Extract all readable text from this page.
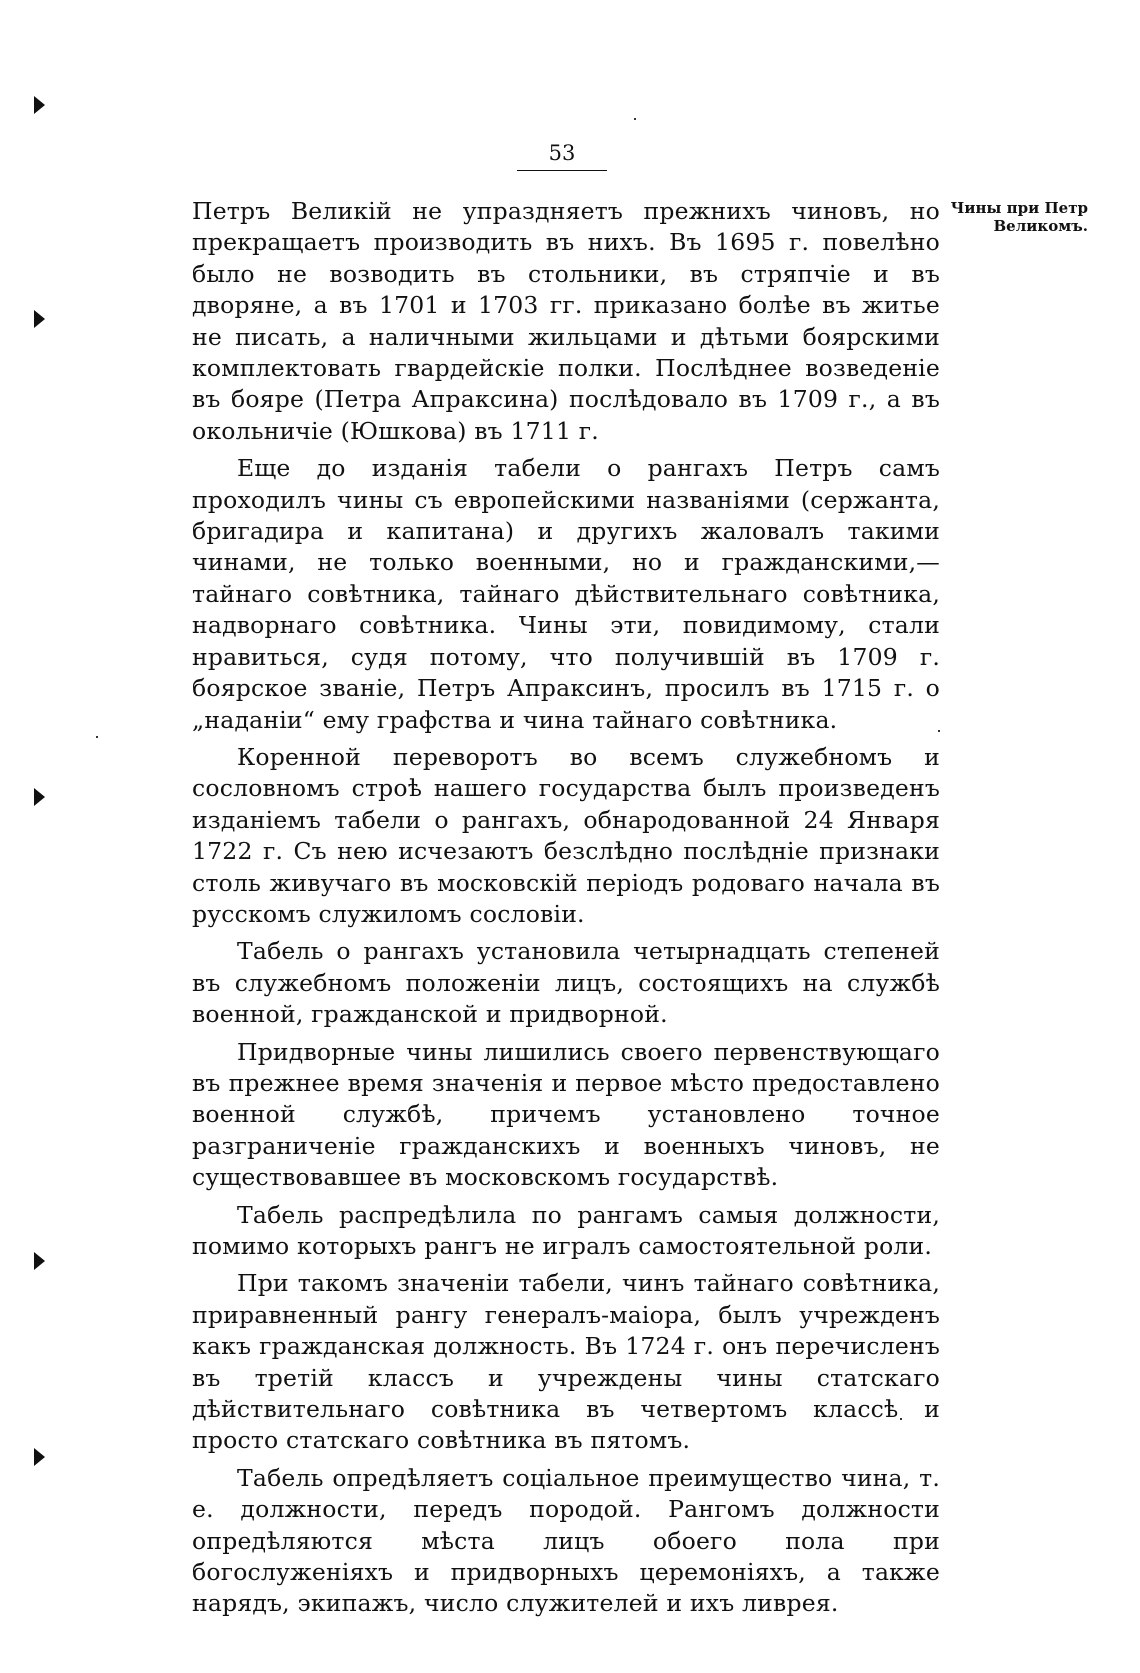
53
Чины при Петр
Великомъ.

Петръ Великій не упраздняетъ прежнихъ чиновъ, но прекращаетъ производить въ нихъ. Въ 1695 г. повелѣно было не возводить въ стольники, въ стряпчіе и въ дворяне, а въ 1701 и 1703 гг. приказано болѣе въ житье не писать, а наличными жильцами и дѣтьми боярскими комплектовать гвардейскіе полки. Послѣднее возведеніе въ бояре (Петра Апраксина) послѣдовало въ 1709 г., а въ окольничіе (Юшкова) въ 1711 г.

Еще до изданія табели о рангахъ Петръ самъ проходилъ чины съ европейскими названіями (сержанта, бригадира и капитана) и другихъ жаловалъ такими чинами, не только военными, но и гражданскими,—тайнаго совѣтника, тайнаго дѣйствительнаго совѣтника, надворнаго совѣтника. Чины эти, повидимому, стали нравиться, судя потому, что получившій въ 1709 г. боярское званіе, Петръ Апраксинъ, просилъ въ 1715 г. о „наданіи“ ему графства и чина тайнаго совѣтника.

Коренной переворотъ во всемъ служебномъ и сословномъ строѣ нашего государства былъ произведенъ изданіемъ табели о рангахъ, обнародованной 24 Января 1722 г. Съ нею исчезаютъ безслѣдно послѣдніе признаки столь живучаго въ московскій періодъ родоваго начала въ русскомъ служиломъ сословіи.

Табель о рангахъ установила четырнадцать степеней въ служебномъ положеніи лицъ, состоящихъ на службѣ военной, гражданской и придворной.

Придворные чины лишились своего первенствующаго въ прежнее время значенія и первое мѣсто предоставлено военной службѣ, причемъ установлено точное разграниченіе гражданскихъ и военныхъ чиновъ, не существовавшее въ московскомъ государствѣ.

Табель распредѣлила по рангамъ самыя должности, помимо которыхъ рангъ не игралъ самостоятельной роли.

При такомъ значеніи табели, чинъ тайнаго совѣтника, приравненный рангу генералъ-маіора, былъ учрежденъ какъ гражданская должность. Въ 1724 г. онъ перечисленъ въ третій классъ и учреждены чины статскаго дѣйствительнаго совѣтника въ четвертомъ классѣ и просто статскаго совѣтника въ пятомъ.

Табель опредѣляетъ соціальное преимущество чина, т. е. должности, передъ породой. Рангомъ должности опредѣляются мѣста лицъ обоего пола при богослуженіяхъ и придворныхъ церемоніяхъ, а также нарядъ, экипажъ, число служителей и ихъ ливрея.
